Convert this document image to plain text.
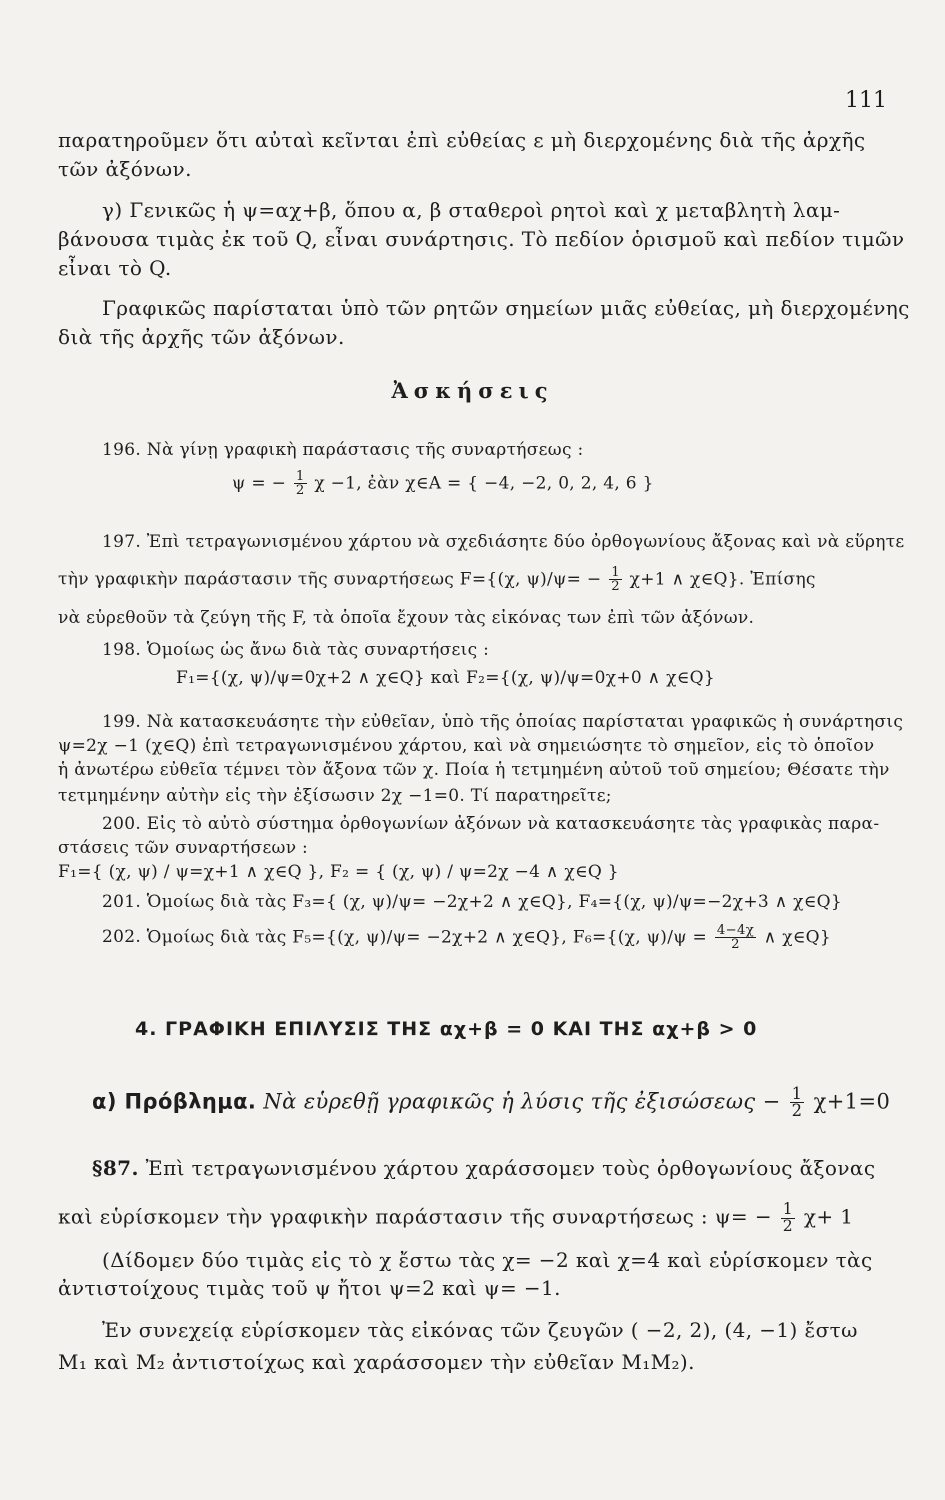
111
παρατηροῦμεν ὅτι αὐταὶ κεῖνται ἐπὶ εὐθείας ε μὴ διερχομένης διὰ τῆς ἀρχῆς
τῶν ἀξόνων.
γ) Γενικῶς ἡ ψ=αχ+β, ὅπου α, β σταθεροὶ ρητοὶ καὶ χ μεταβλητὴ λαμ-
βάνουσα τιμὰς ἐκ τοῦ Q, εἶναι συνάρτησις. Τὸ πεδίον ὁρισμοῦ καὶ πεδίον τιμῶν
εἶναι τὸ Q.
Γραφικῶς παρίσταται ὑπὸ τῶν ρητῶν σημείων μιᾶς εὐθείας, μὴ διερχομένης
διὰ τῆς ἀρχῆς τῶν ἀξόνων.
Ἀσκήσεις
196. Νὰ γίνῃ γραφικὴ παράστασις τῆς συναρτήσεως :
ψ = − $\frac{1}{2}$ χ −1, ἐὰν χ∈A = { −4, −2, 0, 2, 4, 6 }
197. Ἐπὶ τετραγωνισμένου χάρτου νὰ σχεδιάσητε δύο ὀρθογωνίους ἄξονας καὶ νὰ εὕρητε
τὴν γραφικὴν παράστασιν τῆς συναρτήσεως F={(χ, $\psi)/\psi= - \frac{1}{2} \chi+1$ ∧ χ∈Q}. Ἐπίσης
νὰ εὑρεθοῦν τὰ ζεύγη τῆς F, τὰ ὁποῖα ἔχουν τὰς εἰκόνας των ἐπὶ τῶν ἀξόνων.
198. Ὁμοίως ὡς ἄνω διὰ τὰς συναρτήσεις :
F₁={(χ, ψ)/ψ=0χ+2 ∧ χ∈Q} καὶ F₂={(χ, ψ)/ψ=0χ+0 ∧ χ∈Q}
199. Νὰ κατασκευάσητε τὴν εὐθεῖαν, ὑπὸ τῆς ὁποίας παρίσταται γραφικῶς ἡ συνάρτησις
ψ=2χ −1 (χ∈Q) ἐπὶ τετραγωνισμένου χάρτου, καὶ νὰ σημειώσητε τὸ σημεῖον, εἰς τὸ ὁποῖον
ἡ ἀνωτέρω εὐθεῖα τέμνει τὸν ἄξονα τῶν χ. Ποία ἡ τετμημένη αὐτοῦ τοῦ σημείου; Θέσατε τὴν
τετμημένην αὐτὴν εἰς τὴν ἐξίσωσιν 2χ −1=0. Τί παρατηρεῖτε;
200. Εἰς τὸ αὐτὸ σύστημα ὀρθογωνίων ἀξόνων νὰ κατασκευάσητε τὰς γραφικὰς παρα-
στάσεις τῶν συναρτήσεων :
F₁={ (χ, ψ) / ψ=χ+1 ∧ χ∈Q }, F₂ = { (χ, ψ) / ψ=2χ −4 ∧ χ∈Q }
201. Ὁμοίως διὰ τὰς F₃={ (χ, ψ)/ψ= −2χ+2 ∧ χ∈Q}, F₄={(χ, ψ)/ψ=−2χ+3 ∧ χ∈Q}
202. Ὁμοίως διὰ τὰς F₅={(χ, ψ)/ψ= −2χ+2 ∧ χ∈Q}, F₆={(χ, $\psi)/\psi = \frac{4-4\chi}{2}$ ∧ χ∈Q}
4. ΓΡΑΦΙΚΗ ΕΠΙΛΥΣΙΣ ΤΗΣ αχ+β = 0 ΚΑΙ ΤΗΣ αχ+β > 0
α) Πρόβλημα. Νὰ εὑρεθῇ γραφικῶς ἡ λύσις τῆς ἐξισώσεως − $\frac{1}{2} \chi+1=0$
§87. Ἐπὶ τετραγωνισμένου χάρτου χαράσσομεν τοὺς ὀρθογωνίους ἄξονας
καὶ εὑρίσκομεν τὴν γραφικὴν παράστασιν τῆς συναρτήσεως : $\psi= - \frac{1}{2} \chi+ 1$
(Δίδομεν δύο τιμὰς εἰς τὸ χ ἔστω τὰς χ= −2 καὶ χ=4 καὶ εὑρίσκομεν τὰς
ἀντιστοίχους τιμὰς τοῦ ψ ἤτοι ψ=2 καὶ ψ= −1.
Ἐν συνεχείᾳ εὑρίσκομεν τὰς εἰκόνας τῶν ζευγῶν ( −2, 2), (4, −1) ἔστω
M₁ καὶ M₂ ἀντιστοίχως καὶ χαράσσομεν τὴν εὐθεῖαν M₁M₂).
